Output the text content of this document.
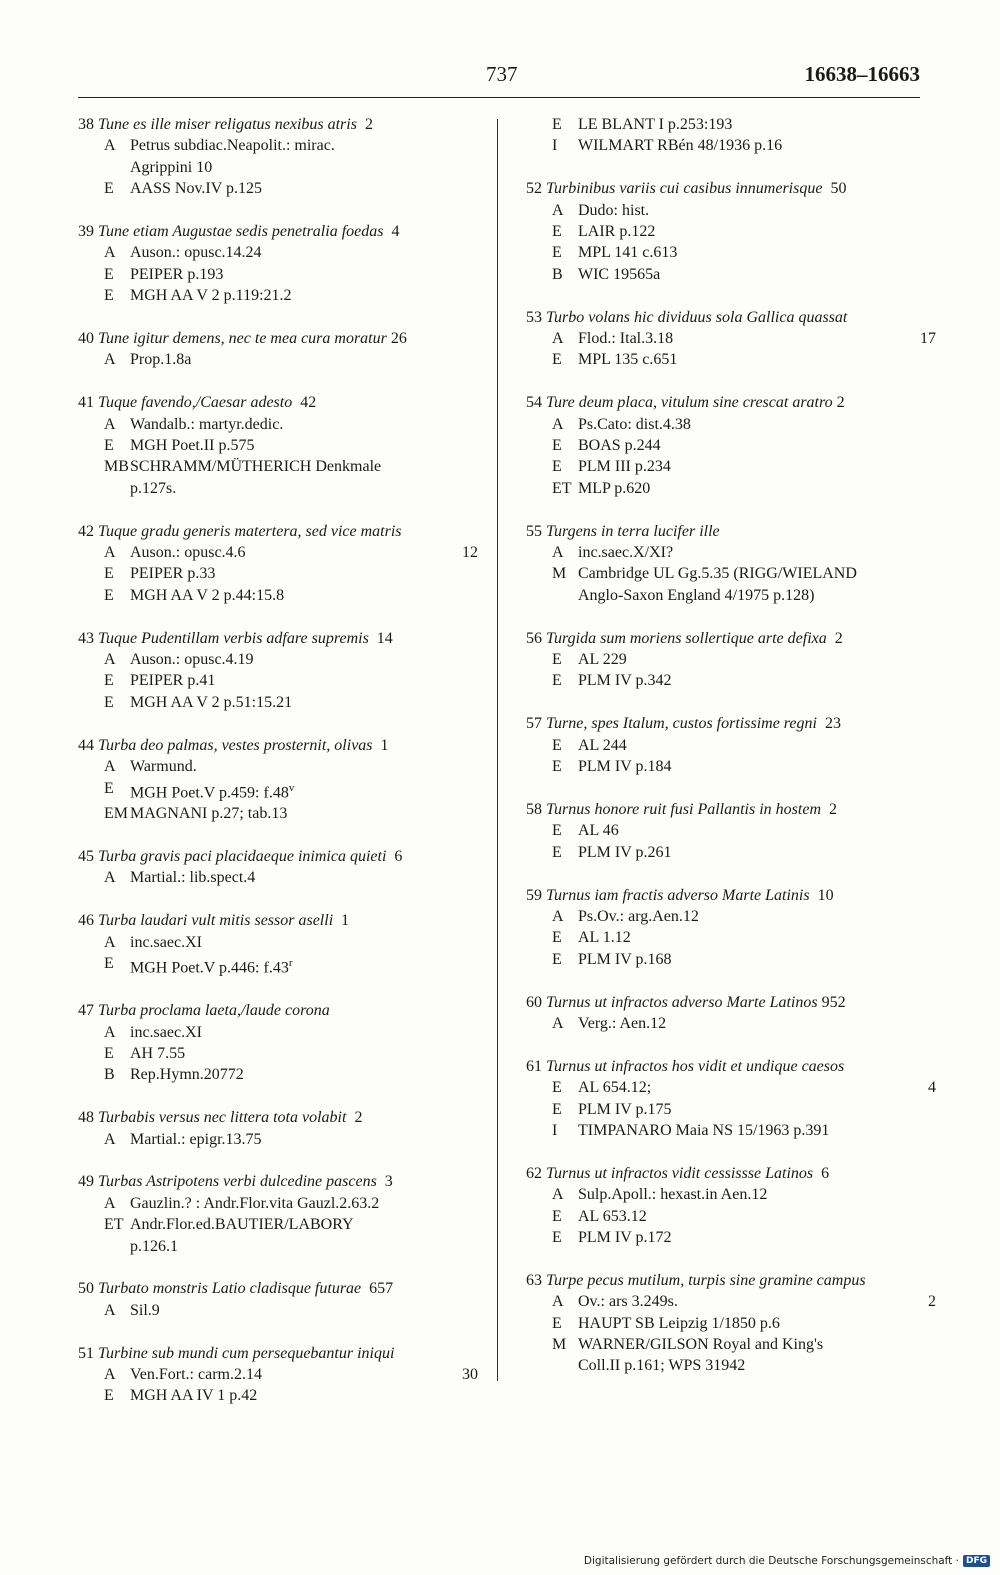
737	16638–16663
38 Tune es ille miser religatus nexibus atris  2
A Petrus subdiac.Neapolit.: mirac.
Agrippini 10
E	AASS Nov.IV p.125
39 Tune etiam Augustae sedis penetralia foedas  4
A Auson.: opusc.14.24
E	PEIPER p.193
E	MGH AA V 2 p.119:21.2
40 Tune igitur demens, nec te mea cura moratur 26
A Prop.1.8a
41 Tuque favendo,/Caesar adesto  42
A Wandalb.: martyr.dedic.
E	MGH Poet.II p.575
MB SCHRAMM/MÜTHERICH Denkmale
p.127s.
42 Tuque gradu generis matertera, sed vice matris
A Auson.: opusc.4.6	12
E	PEIPER p.33
E	MGH AA V 2 p.44:15.8
43 Tuque Pudentillam verbis adfare supremis  14
A Auson.: opusc.4.19
E	PEIPER p.41
E	MGH AA V 2 p.51:15.21
44 Turba deo palmas, vestes prosternit, olivas  1
A Warmund.
E	MGH Poet.V p.459: f.48$^v$
EM MAGNANI p.27; tab.13
45 Turba gravis paci placidaeque inimica quieti  6
A Martial.: lib.spect.4
46 Turba laudari vult mitis sessor aselli  1
A inc.saec.XI
E	MGH Poet.V p.446: f.43$^r$
47 Turba proclama laeta,/laude corona
A inc.saec.XI
E	AH 7.55
B Rep.Hymn.20772
48 Turbabis versus nec littera tota volabit  2
A Martial.: epigr.13.75
49 Turbas Astripotens verbi dulcedine pascens  3
A Gauzlin.? : Andr.Flor.vita Gauzl.2.63.2
ET Andr.Flor.ed.BAUTIER/LABORY
p.126.1
50 Turbato monstris Latio cladisque futurae  657
A Sil.9
51 Turbine sub mundi cum persequebantur iniqui
A Ven.Fort.: carm.2.14	30
E	MGH AA IV 1 p.42
E	LE BLANT I p.253:193
I	WILMART RBén 48/1936 p.16
52 Turbinibus variis cui casibus innumerisque  50
A Dudo: hist.
E	LAIR p.122
E	MPL 141 c.613
B WIC 19565a
53 Turbo volans hic dividuus sola Gallica quassat
A Flod.: Ital.3.18	17
E	MPL 135 c.651
54 Ture deum placa, vitulum sine crescat aratro 2
A Ps.Cato: dist.4.38
E	BOAS p.244
E	PLM III p.234
ET MLP p.620
55 Turgens in terra lucifer ille
A inc.saec.X/XI?
M Cambridge UL Gg.5.35 (RIGG/WIELAND
Anglo-Saxon England 4/1975 p.128)
56 Turgida sum moriens sollertique arte defixa  2
E	AL 229
E	PLM IV p.342
57 Turne, spes Italum, custos fortissime regni  23
E	AL 244
E	PLM IV p.184
58 Turnus honore ruit fusi Pallantis in hostem  2
E	AL 46
E	PLM IV p.261
59 Turnus iam fractis adverso Marte Latinis  10
A Ps.Ov.: arg.Aen.12
E	AL 1.12
E	PLM IV p.168
60 Turnus ut infractos adverso Marte Latinos 952
A Verg.: Aen.12
61 Turnus ut infractos hos vidit et undique caesos
E	AL 654.12;	4
E	PLM IV p.175
I	TIMPANARO Maia NS 15/1963 p.391
62 Turnus ut infractos vidit cessissse Latinos  6
A Sulp.Apoll.: hexast.in Aen.12
E	AL 653.12
E	PLM IV p.172
63 Turpe pecus mutilum, turpis sine gramine campus
A Ov.: ars 3.249s.	2
E	HAUPT SB Leipzig 1/1850 p.6
M WARNER/GILSON Royal and King's
Coll.II p.161; WPS 31942
Digitalisierung gefördert durch die Deutsche Forschungsgemeinschaft · DFG
